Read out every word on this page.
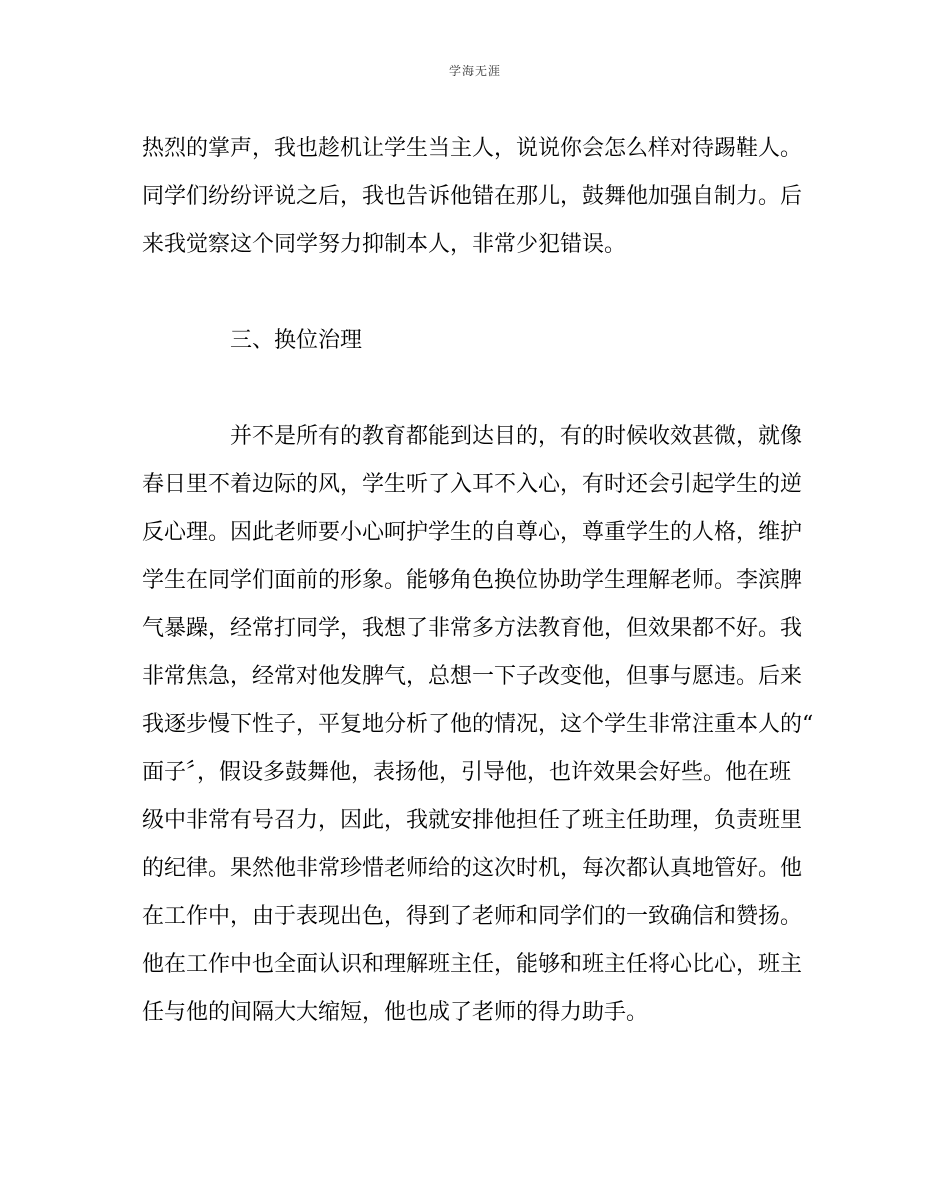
学海无涯
热烈的掌声，我也趁机让学生当主人，说说你会怎么样对待踢鞋人。
同学们纷纷评说之后，我也告诉他错在那儿，鼓舞他加强自制力。后
来我觉察这个同学努力抑制本人，非常少犯错误。
三、换位治理
并不是所有的教育都能到达目的，有的时候收效甚微，就像
春日里不着边际的风，学生听了入耳不入心，有时还会引起学生的逆
反心理。因此老师要小心呵护学生的自尊心，尊重学生的人格，维护
学生在同学们面前的形象。能够角色换位协助学生理解老师。李滨脾
气暴躁，经常打同学，我想了非常多方法教育他，但效果都不好。我
非常焦急，经常对他发脾气，总想一下子改变他，但事与愿违。后来
我逐步慢下性子，平复地分析了他的情况，这个学生非常注重本人的“
面子〞，假设多鼓舞他，表扬他，引导他，也许效果会好些。他在班
级中非常有号召力，因此，我就安排他担任了班主任助理，负责班里
的纪律。果然他非常珍惜老师给的这次时机，每次都认真地管好。他
在工作中，由于表现出色，得到了老师和同学们的一致确信和赞扬。
他在工作中也全面认识和理解班主任，能够和班主任将心比心，班主
任与他的间隔大大缩短，他也成了老师的得力助手。
